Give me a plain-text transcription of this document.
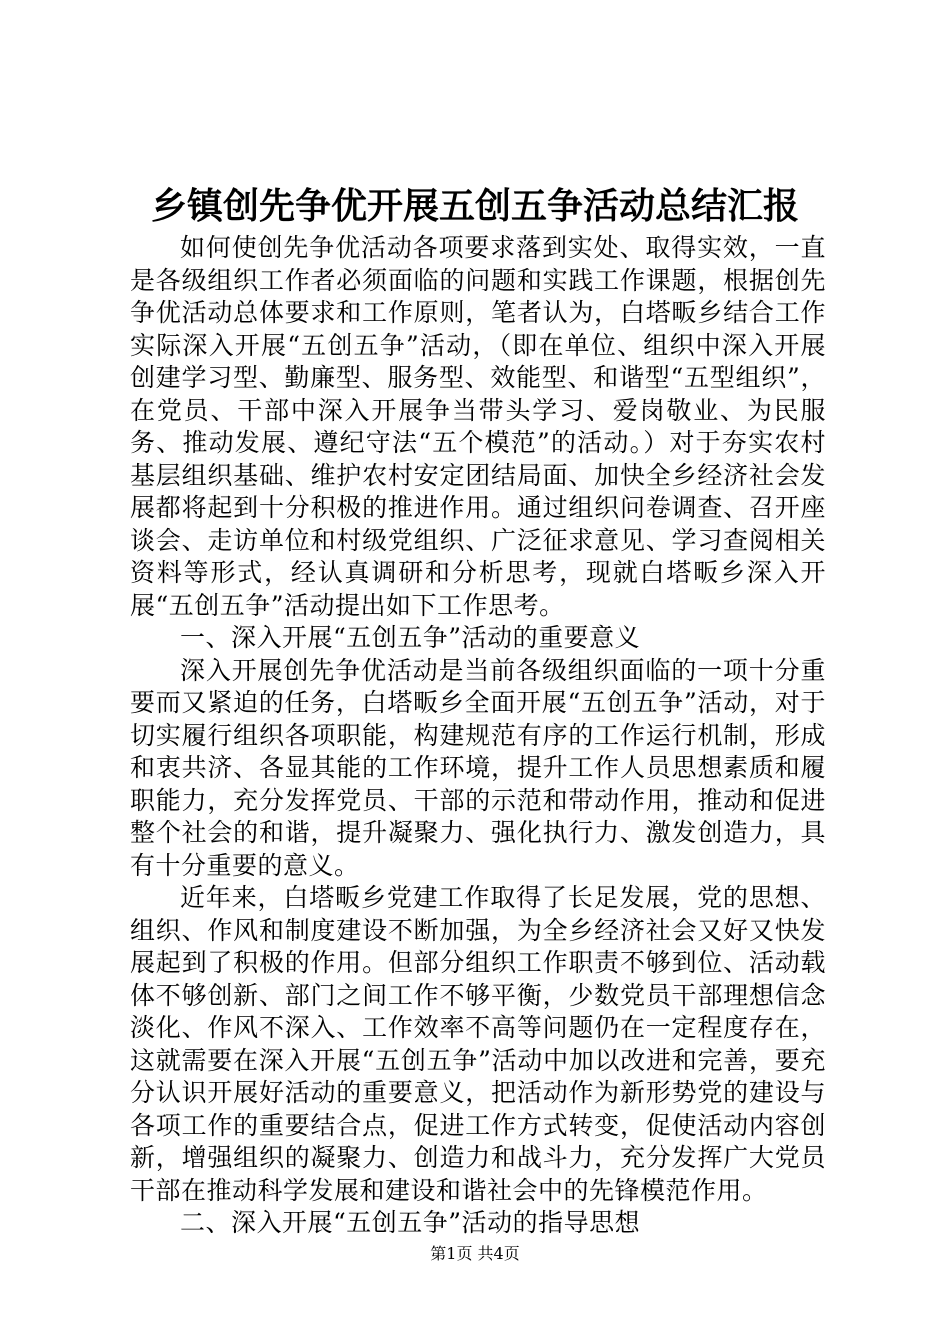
乡镇创先争优开展五创五争活动总结汇报

如何使创先争优活动各项要求落到实处、取得实效，一直是各级组织工作者必须面临的问题和实践工作课题，根据创先争优活动总体要求和工作原则，笔者认为，白塔畈乡结合工作实际深入开展“五创五争”活动，（即在单位、组织中深入开展创建学习型、勤廉型、服务型、效能型、和谐型“五型组织”，在党员、干部中深入开展争当带头学习、爱岗敬业、为民服务、推动发展、遵纪守法“五个模范”的活动。）对于夯实农村基层组织基础、维护农村安定团结局面、加快全乡经济社会发展都将起到十分积极的推进作用。通过组织问卷调查、召开座谈会、走访单位和村级党组织、广泛征求意见、学习查阅相关资料等形式，经认真调研和分析思考，现就白塔畈乡深入开展“五创五争”活动提出如下工作思考。

一、深入开展“五创五争”活动的重要意义

深入开展创先争优活动是当前各级组织面临的一项十分重要而又紧迫的任务，白塔畈乡全面开展“五创五争”活动，对于切实履行组织各项职能，构建规范有序的工作运行机制，形成和衷共济、各显其能的工作环境，提升工作人员思想素质和履职能力，充分发挥党员、干部的示范和带动作用，推动和促进整个社会的和谐，提升凝聚力、强化执行力、激发创造力，具有十分重要的意义。

近年来，白塔畈乡党建工作取得了长足发展，党的思想、组织、作风和制度建设不断加强，为全乡经济社会又好又快发展起到了积极的作用。但部分组织工作职责不够到位、活动载体不够创新、部门之间工作不够平衡，少数党员干部理想信念淡化、作风不深入、工作效率不高等问题仍在一定程度存在，这就需要在深入开展“五创五争”活动中加以改进和完善，要充分认识开展好活动的重要意义，把活动作为新形势党的建设与各项工作的重要结合点，促进工作方式转变，促使活动内容创新，增强组织的凝聚力、创造力和战斗力，充分发挥广大党员干部在推动科学发展和建设和谐社会中的先锋模范作用。

二、深入开展“五创五争”活动的指导思想

第1页 共4页
